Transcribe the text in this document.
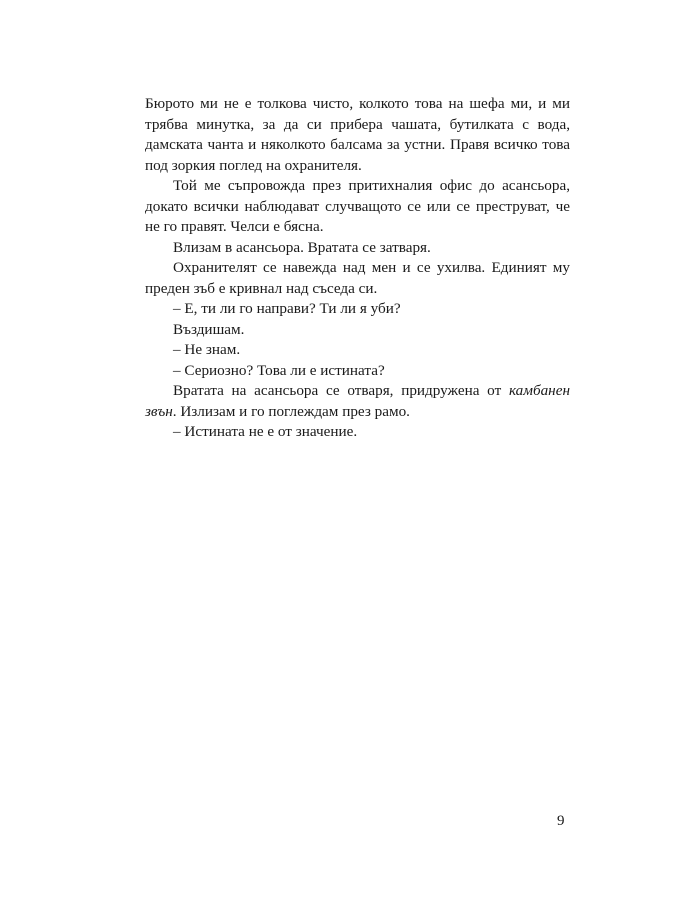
Бюрото ми не е толкова чисто, колкото това на шефа ми, и ми трябва минутка, за да си прибера чашата, бутилката с вода, дамската чанта и няколкото балсама за устни. Правя всичко това под зоркия поглед на охранителя.

Той ме съпровожда през притихналия офис до асансьора, докато всички наблюдават случващото се или се преструват, че не го правят. Челси е бясна.

Влизам в асансьора. Вратата се затваря.

Охранителят се навежда над мен и се ухилва. Единият му преден зъб е кривнал над съседа си.

– Е, ти ли го направи? Ти ли я уби?

Въздишам.

– Не знам.

– Сериозно? Това ли е истината?

Вратата на асансьора се отваря, придружена от камбанен звън. Излизам и го поглеждам през рамо.

– Истината не е от значение.

9
